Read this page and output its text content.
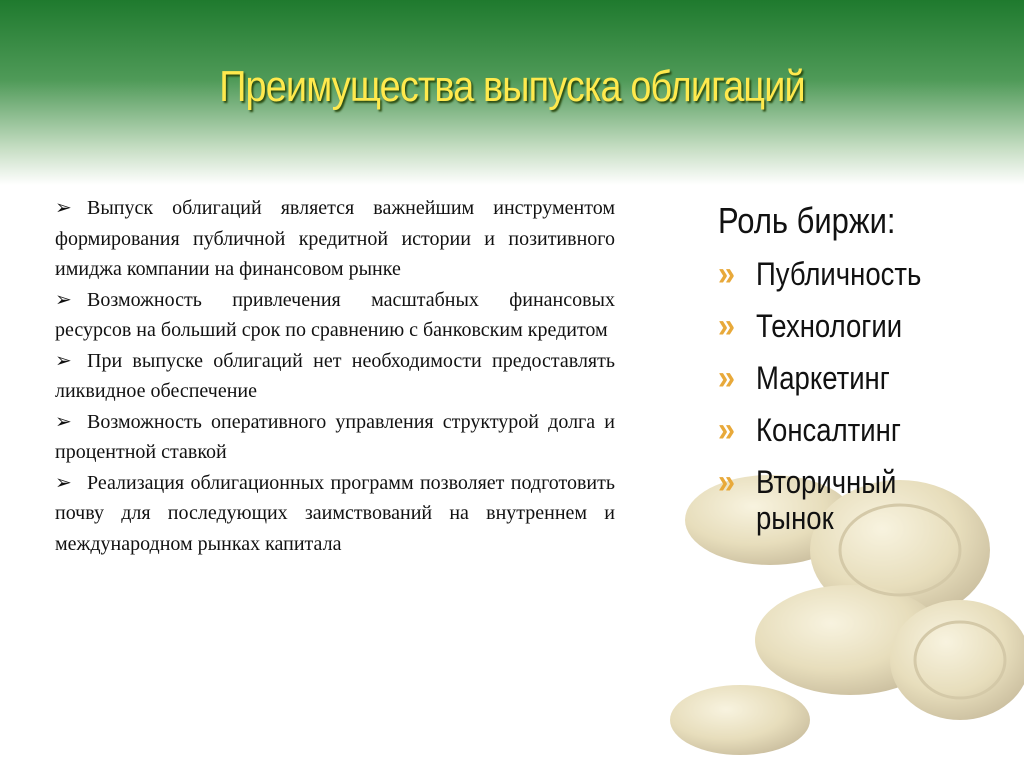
Преимущества выпуска облигаций

➢ Выпуск облигаций является важнейшим инструментом формирования публичной кредитной истории и позитивного имиджа компании на финансовом рынке

➢ Возможность привлечения масштабных финансовых ресурсов на больший срок по сравнению с банковским кредитом

➢ При выпуске облигаций нет необходимости предоставлять ликвидное обеспечение

➢ Возможность оперативного управления структурой долга и процентной ставкой

➢ Реализация облигационных программ позволяет подготовить почву для последующих заимствований на внутреннем и международном рынках капитала

Роль биржи:
» Публичность
» Технологии
» Маркетинг
» Консалтинг
» Вторичный рынок
